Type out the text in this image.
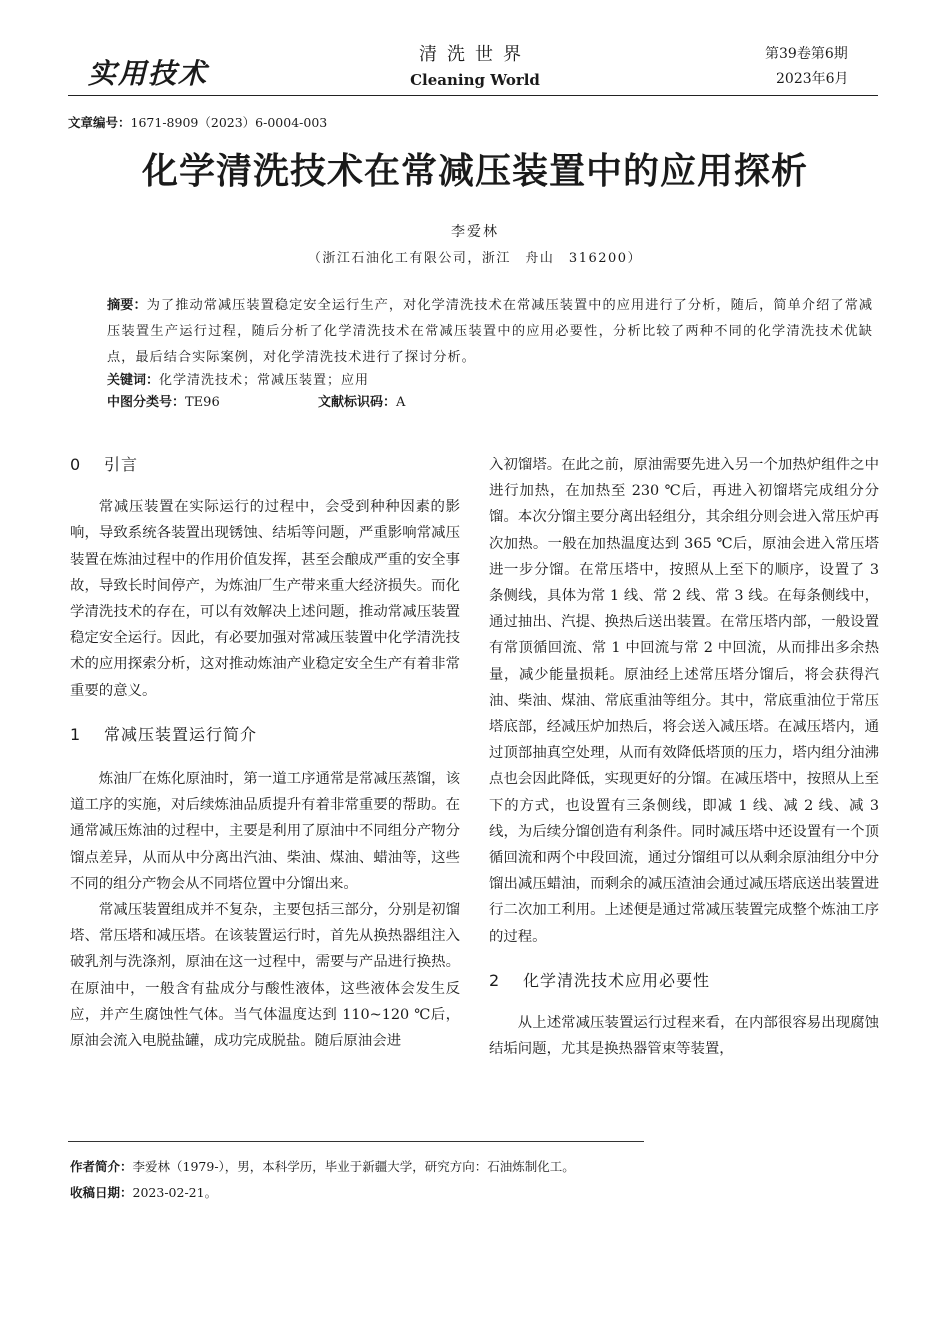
实用技术
清洗世界
Cleaning World
第39卷第6期
2023年6月
文章编号：1671-8909（2023）6-0004-003
化学清洗技术在常减压装置中的应用探析
李爱林
（浙江石油化工有限公司，浙江　舟山　316200）
摘要：为了推动常减压装置稳定安全运行生产，对化学清洗技术在常减压装置中的应用进行了分析，随后，简单介绍了常减压装置生产运行过程，随后分析了化学清洗技术在常减压装置中的应用必要性，分析比较了两种不同的化学清洗技术优缺点，最后结合实际案例，对化学清洗技术进行了探讨分析。
关键词：化学清洗技术；常减压装置；应用
中图分类号：TE96	文献标识码：A
0 引言

常减压装置在实际运行的过程中，会受到种种因素的影响，导致系统各装置出现锈蚀、结垢等问题，严重影响常减压装置在炼油过程中的作用价值发挥，甚至会酿成严重的安全事故，导致长时间停产，为炼油厂生产带来重大经济损失。而化学清洗技术的存在，可以有效解决上述问题，推动常减压装置稳定安全运行。因此，有必要加强对常减压装置中化学清洗技术的应用探索分析，这对推动炼油产业稳定安全生产有着非常重要的意义。

1 常减压装置运行简介

炼油厂在炼化原油时，第一道工序通常是常减压蒸馏，该道工序的实施，对后续炼油品质提升有着非常重要的帮助。在通常减压炼油的过程中，主要是利用了原油中不同组分产物分馏点差异，从而从中分离出汽油、柴油、煤油、蜡油等，这些不同的组分产物会从不同塔位置中分馏出来。

常减压装置组成并不复杂，主要包括三部分，分别是初馏塔、常压塔和减压塔。在该装置运行时，首先从换热器组注入破乳剂与洗涤剂，原油在这一过程中，需要与产品进行换热。在原油中，一般含有盐成分与酸性液体，这些液体会发生反应，并产生腐蚀性气体。当气体温度达到 110~120 ℃后，原油会流入电脱盐罐，成功完成脱盐。随后原油会进

入初馏塔。在此之前，原油需要先进入另一个加热炉组件之中进行加热，在加热至 230 ℃后，再进入初馏塔完成组分分馏。本次分馏主要分离出轻组分，其余组分则会进入常压炉再次加热。一般在加热温度达到 365 ℃后，原油会进入常压塔进一步分馏。在常压塔中，按照从上至下的顺序，设置了 3 条侧线，具体为常 1 线、常 2 线、常 3 线。在每条侧线中，通过抽出、汽提、换热后送出装置。在常压塔内部，一般设置有常顶循回流、常 1 中回流与常 2 中回流，从而排出多余热量，减少能量损耗。原油经上述常压塔分馏后，将会获得汽油、柴油、煤油、常底重油等组分。其中，常底重油位于常压塔底部，经减压炉加热后，将会送入减压塔。在减压塔内，通过顶部抽真空处理，从而有效降低塔顶的压力，塔内组分油沸点也会因此降低，实现更好的分馏。在减压塔中，按照从上至下的方式，也设置有三条侧线，即减 1 线、减 2 线、减 3 线，为后续分馏创造有利条件。同时减压塔中还设置有一个顶循回流和两个中段回流，通过分馏组可以从剩余原油组分中分馏出减压蜡油，而剩余的减压渣油会通过减压塔底送出装置进行二次加工利用。上述便是通过常减压装置完成整个炼油工序的过程。

2 化学清洗技术应用必要性

从上述常减压装置运行过程来看，在内部很容易出现腐蚀结垢问题，尤其是换热器管束等装置，

作者简介：李爱林（1979-），男，本科学历，毕业于新疆大学，研究方向：石油炼制化工。
收稿日期：2023-02-21。
